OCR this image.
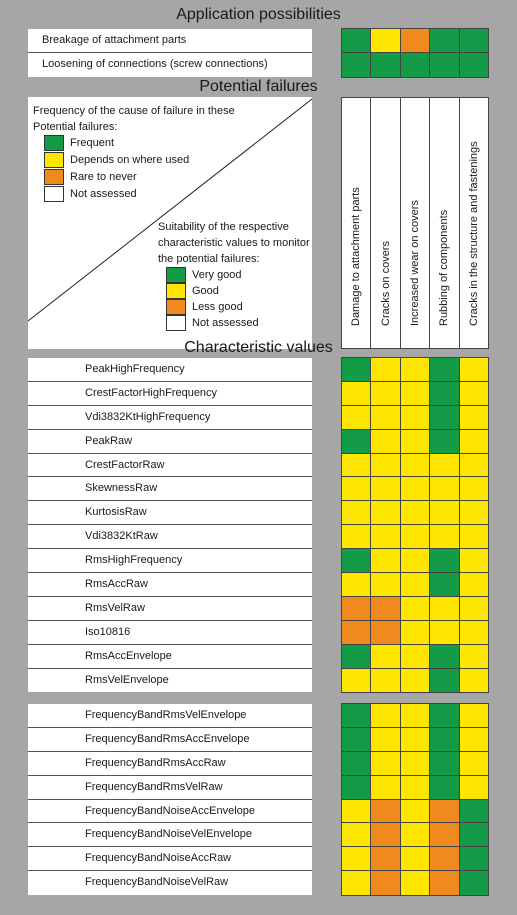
Application possibilities
Breakage of attachment parts
Loosening of connections (screw connections)
Potential failures
Frequency of the cause of failure in these
Potential failures:
Frequent
Depends on where used
Rare to never
Not assessed
Suitability of the respective
characteristic values to monitor
the potential failures:
Very good
Good
Less good
Not assessed	Damage to attachment parts Cracks on covers Increased wear on covers Rubbing of components Cracks in the structure and fastenings
Characteristic values
PeakHighFrequency
CrestFactorHighFrequency
Vdi3832KtHighFrequency
PeakRaw
CrestFactorRaw
SkewnessRaw
KurtosisRaw
Vdi3832KtRaw
RmsHighFrequency
RmsAccRaw
RmsVelRaw
Iso10816
RmsAccEnvelope
RmsVelEnvelope
FrequencyBandRmsVelEnvelope
FrequencyBandRmsAccEnvelope
FrequencyBandRmsAccRaw
FrequencyBandRmsVelRaw
FrequencyBandNoiseAccEnvelope
FrequencyBandNoiseVelEnvelope
FrequencyBandNoiseAccRaw
FrequencyBandNoiseVelRaw
